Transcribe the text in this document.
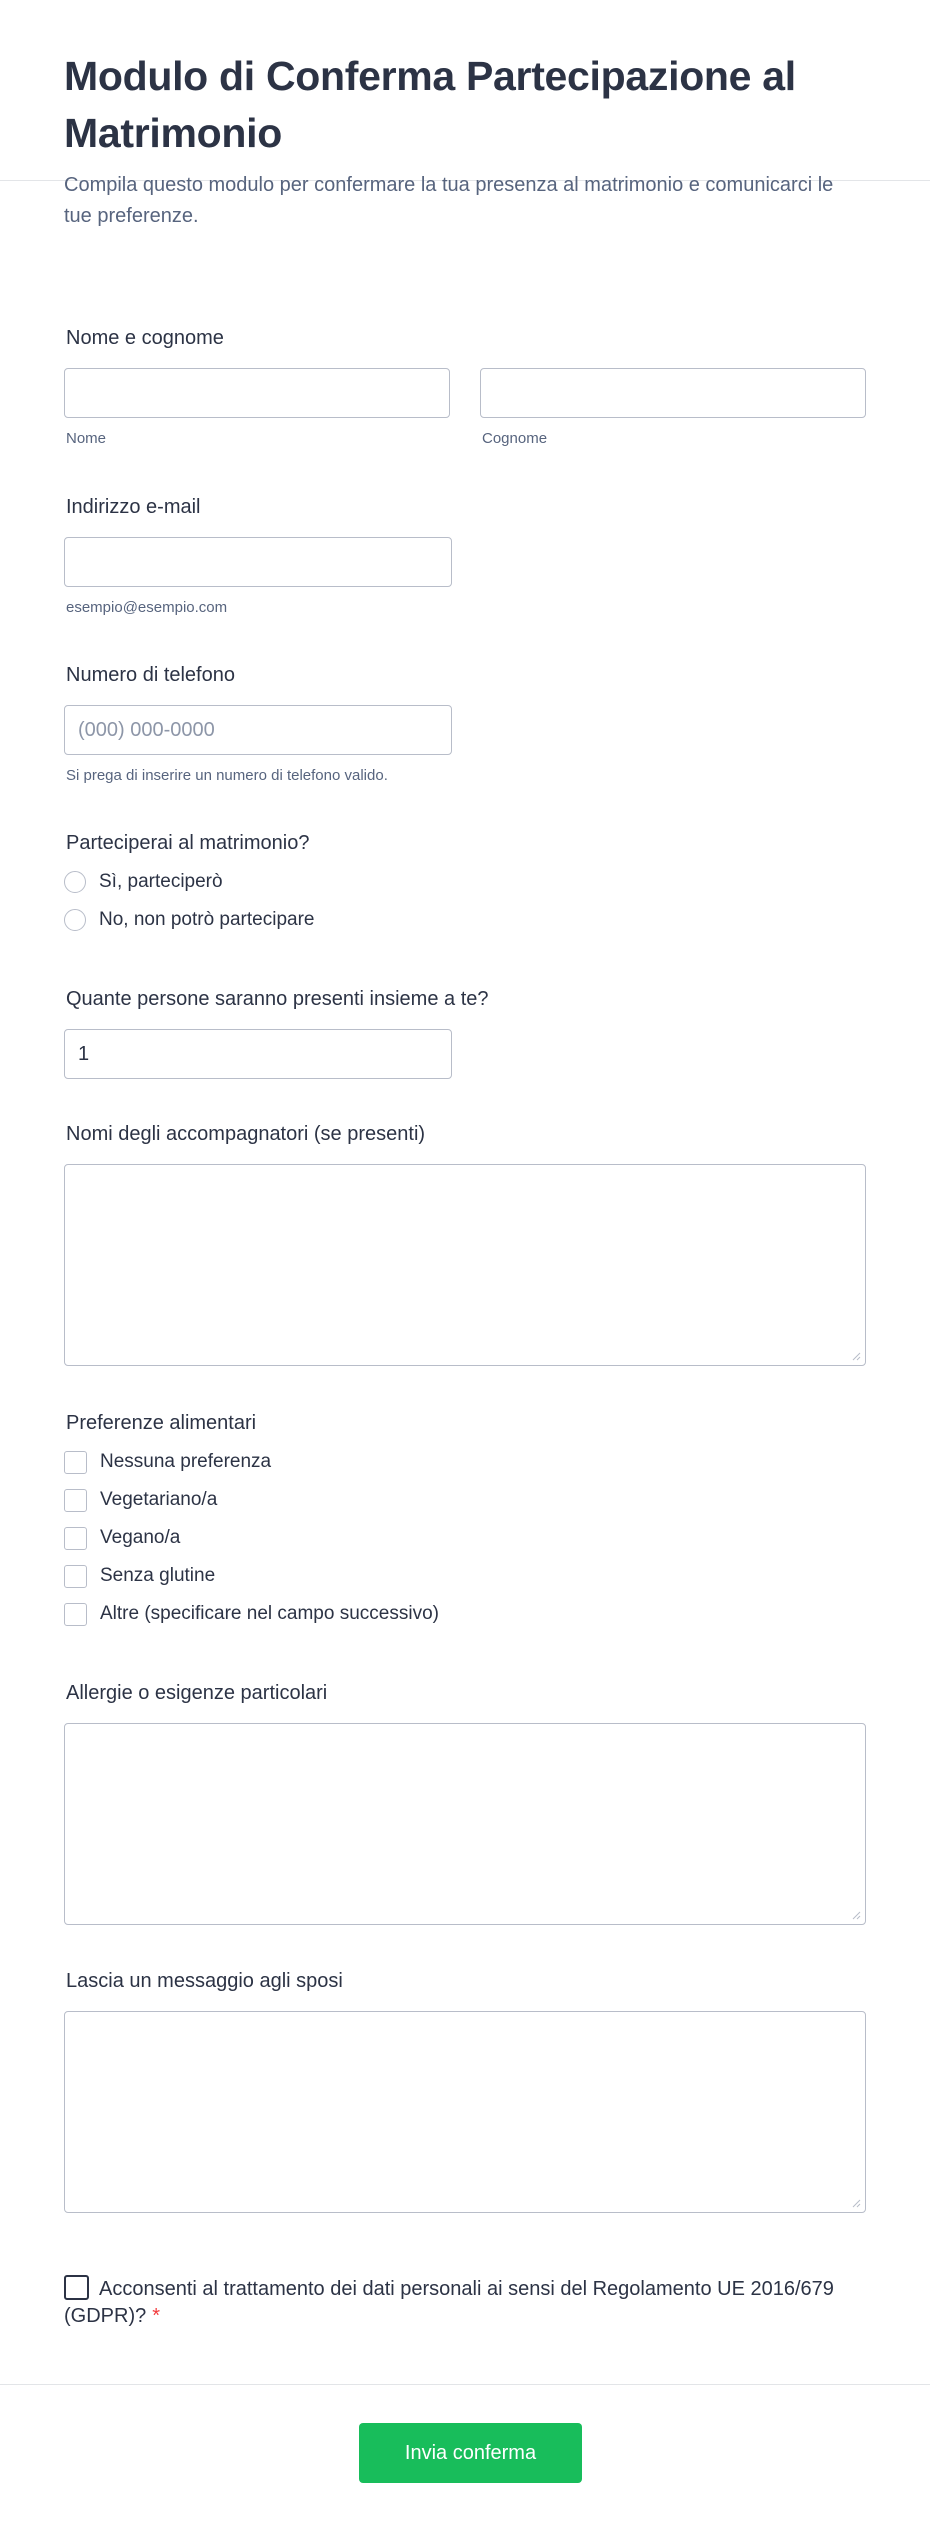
Modulo di Conferma Partecipazione al Matrimonio

Compila questo modulo per confermare la tua presenza al matrimonio e comunicarci le tue preferenze.

Nome e cognome
Nome	Cognome
Indirizzo e-mail
esempio@esempio.com
Numero di telefono
(000) 000-0000
Si prega di inserire un numero di telefono valido.
Parteciperai al matrimonio?
Sì, parteciperò
No, non potrò partecipare
Quante persone saranno presenti insieme a te?
1
Nomi degli accompagnatori (se presenti)
Preferenze alimentari
Nessuna preferenza
Vegetariano/a
Vegano/a
Senza glutine
Altre (specificare nel campo successivo)
Allergie o esigenze particolari
Lascia un messaggio agli sposi
Acconsenti al trattamento dei dati personali ai sensi del Regolamento UE 2016/679 (GDPR)? *
Invia conferma
